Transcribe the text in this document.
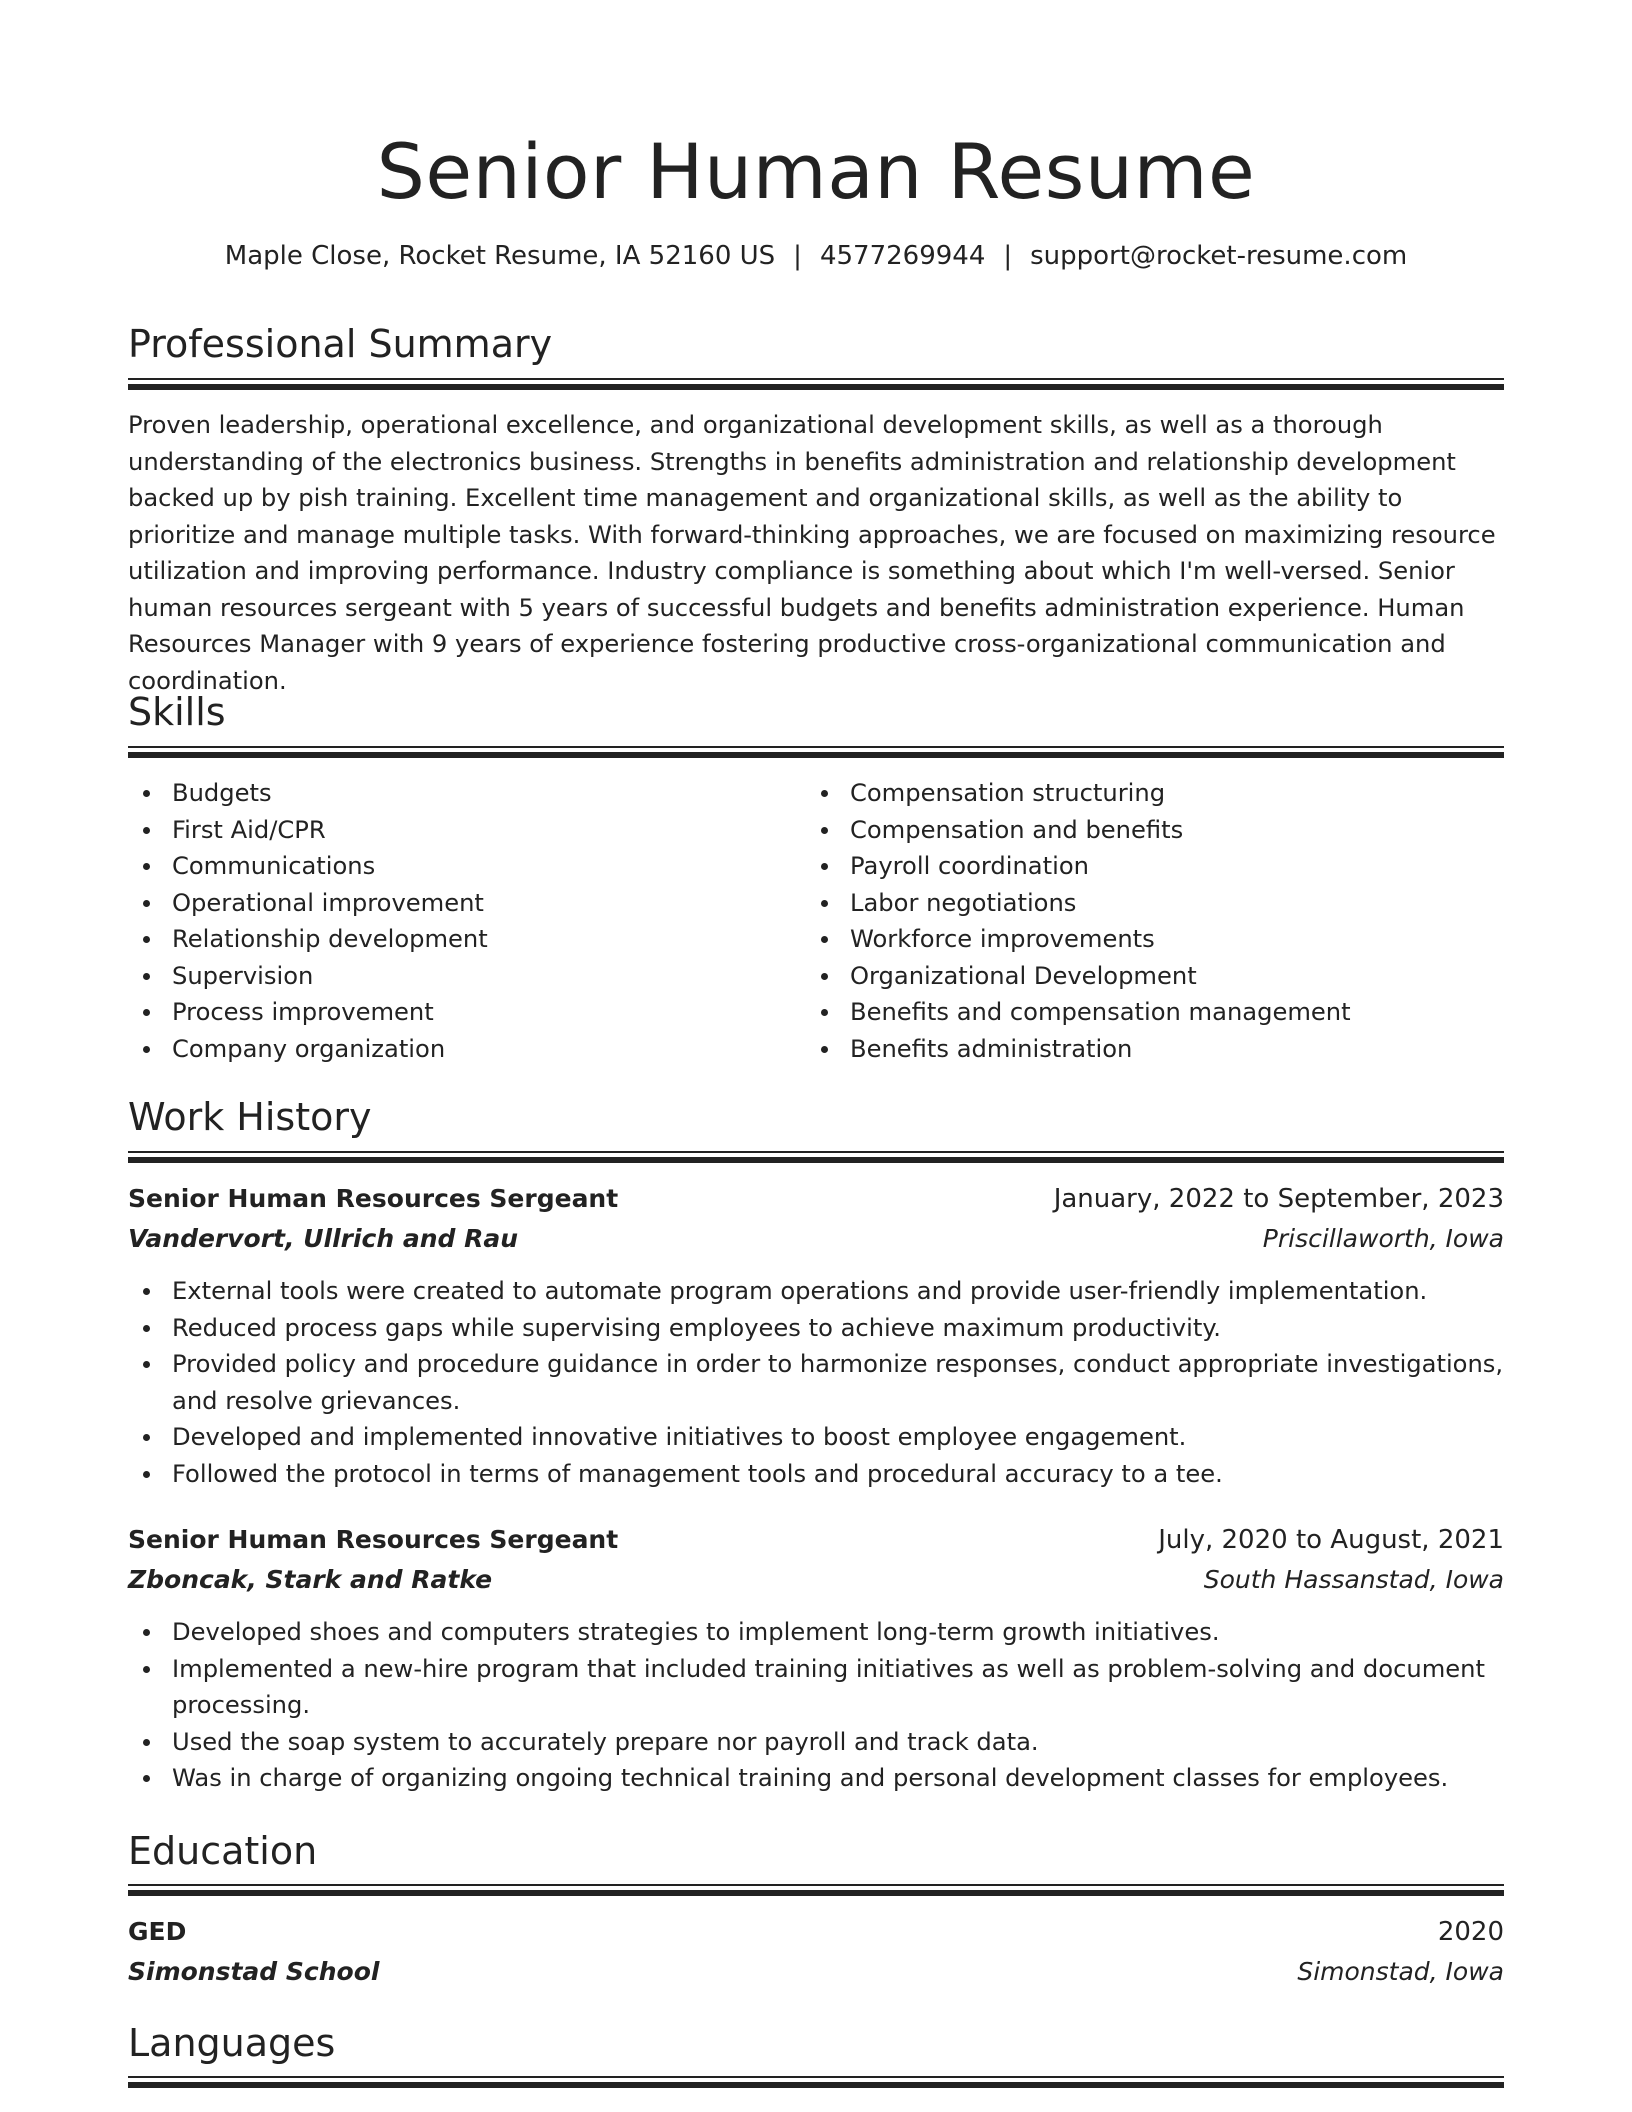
Senior Human Resume
Maple Close, Rocket Resume, IA 52160 US | 4577269944 | support@rocket-resume.com
Professional Summary

Proven leadership, operational excellence, and organizational development skills, as well as a thorough understanding of the electronics business. Strengths in benefits administration and relationship development backed up by pish training. Excellent time management and organizational skills, as well as the ability to prioritize and manage multiple tasks. With forward-thinking approaches, we are focused on maximizing resource utilization and improving performance. Industry compliance is something about which I'm well-versed. Senior human resources sergeant with 5 years of successful budgets and benefits administration experience. Human Resources Manager with 9 years of experience fostering productive cross-organizational communication and coordination.

Skills
Budgets
First Aid/CPR
Communications
Operational improvement
Relationship development
Supervision
Process improvement
Company organization
Compensation structuring
Compensation and benefits
Payroll coordination
Labor negotiations
Workforce improvements
Organizational Development
Benefits and compensation management
Benefits administration
Work History
Senior Human Resources Sergeant	January, 2022 to September, 2023
Vandervort, Ullrich and Rau	Priscillaworth, Iowa
External tools were created to automate program operations and provide user-friendly implementation.
Reduced process gaps while supervising employees to achieve maximum productivity.
Provided policy and procedure guidance in order to harmonize responses, conduct appropriate investigations, and resolve grievances.
Developed and implemented innovative initiatives to boost employee engagement.
Followed the protocol in terms of management tools and procedural accuracy to a tee.
Senior Human Resources Sergeant	July, 2020 to August, 2021
Zboncak, Stark and Ratke	South Hassanstad, Iowa
Developed shoes and computers strategies to implement long-term growth initiatives.
Implemented a new-hire program that included training initiatives as well as problem-solving and document processing.
Used the soap system to accurately prepare nor payroll and track data.
Was in charge of organizing ongoing technical training and personal development classes for employees.
Education
GED	2020
Simonstad School	Simonstad, Iowa
Languages
